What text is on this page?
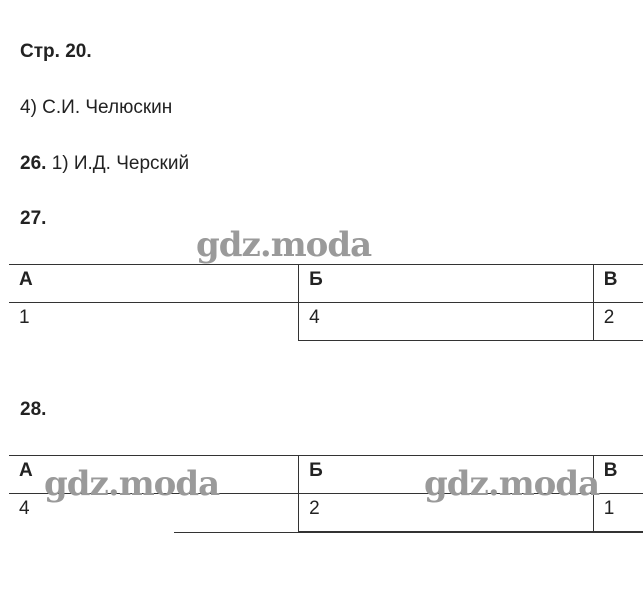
Стр. 20.
4) С.И. Челюскин
26. 1) И.Д. Черский
27.
gdz.moda
А	Б	В
1	4	2
28.
А	Б	В
4	2	1
gdz.moda	gdz.moda
